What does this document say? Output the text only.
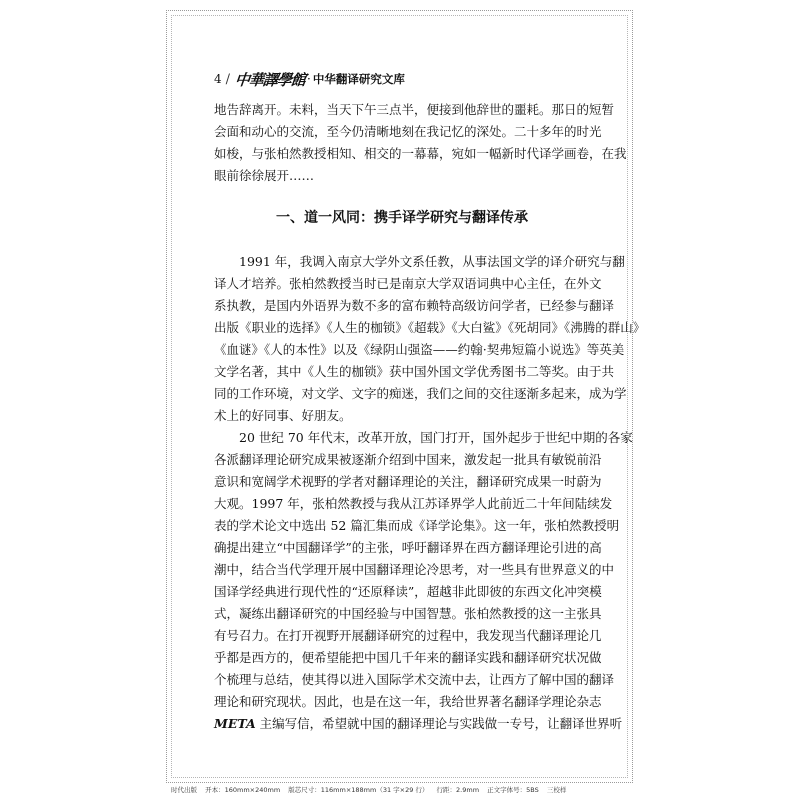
4 / 中華譯學館 · 中华翻译研究文库
地告辞离开。未料，当天下午三点半，便接到他辞世的噩耗。那日的短暂
会面和动心的交流，至今仍清晰地刻在我记忆的深处。二十多年的时光
如梭，与张柏然教授相知、相交的一幕幕，宛如一幅新时代译学画卷，在我
眼前徐徐展开……
一、道一风同：携手译学研究与翻译传承
1991 年，我调入南京大学外文系任教，从事法国文学的译介研究与翻
译人才培养。张柏然教授当时已是南京大学双语词典中心主任，在外文
系执教，是国内外语界为数不多的富布赖特高级访问学者，已经参与翻译
出版《职业的选择》《人生的枷锁》《超载》《大白鲨》《死胡同》《沸腾的群山》
《血谜》《人的本性》以及《绿阴山强盗——约翰·契弗短篇小说选》等英美
文学名著，其中《人生的枷锁》获中国外国文学优秀图书二等奖。由于共
同的工作环境，对文学、文字的痴迷，我们之间的交往逐渐多起来，成为学
术上的好同事、好朋友。
20 世纪 70 年代末，改革开放，国门打开，国外起步于世纪中期的各家
各派翻译理论研究成果被逐渐介绍到中国来，激发起一批具有敏锐前沿
意识和宽阔学术视野的学者对翻译理论的关注，翻译研究成果一时蔚为
大观。1997 年，张柏然教授与我从江苏译界学人此前近二十年间陆续发
表的学术论文中选出 52 篇汇集而成《译学论集》。这一年，张柏然教授明
确提出建立“中国翻译学”的主张，呼吁翻译界在西方翻译理论引进的高
潮中，结合当代学理开展中国翻译理论冷思考，对一些具有世界意义的中
国译学经典进行现代性的“还原释读”，超越非此即彼的东西文化冲突模
式，凝练出翻译研究的中国经验与中国智慧。张柏然教授的这一主张具
有号召力。在打开视野开展翻译研究的过程中，我发现当代翻译理论几
乎都是西方的，便希望能把中国几千年来的翻译实践和翻译研究状况做
个梳理与总结，使其得以进入国际学术交流中去，让西方了解中国的翻译
理论和研究现状。因此，也是在这一年，我给世界著名翻译学理论杂志
META 主编写信，希望就中国的翻译理论与实践做一专号，让翻译世界听
时代出版 开本：160mm×240mm 版芯尺寸：116mm×188mm（31 字×29 行） 行距：2.9mm 正文字体号：5BS 三校样
